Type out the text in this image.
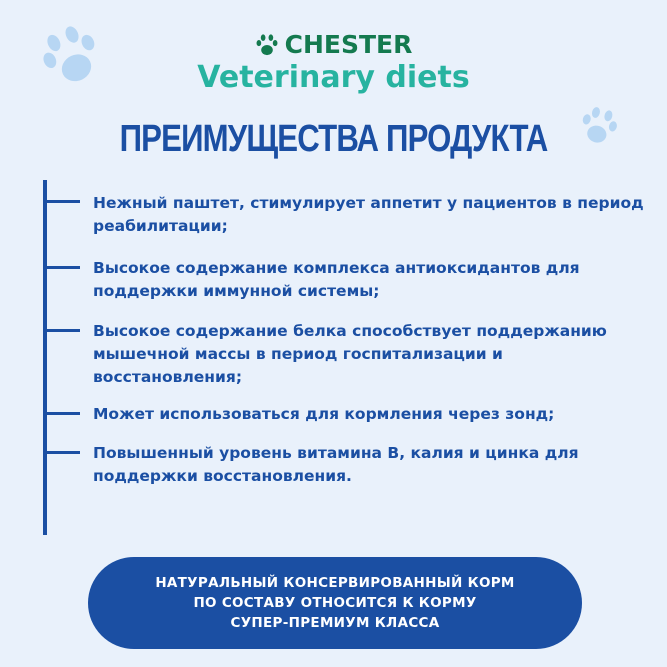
CHESTER
Veterinary diets
ПРЕИМУЩЕСТВА ПРОДУКТА
Нежный паштет, стимулирует аппетит у пациентов в период реабилитации;
Высокое содержание комплекса антиоксидантов для поддержки иммунной системы;
Высокое содержание белка способствует поддержанию мышечной массы в период госпитализации и восстановления;
Может использоваться для кормления через зонд;
Повышенный уровень витамина В, калия и цинка для поддержки восстановления.
НАТУРАЛЬНЫЙ КОНСЕРВИРОВАННЫЙ КОРМ
ПО СОСТАВУ ОТНОСИТСЯ К КОРМУ
СУПЕР-ПРЕМИУМ КЛАССА
